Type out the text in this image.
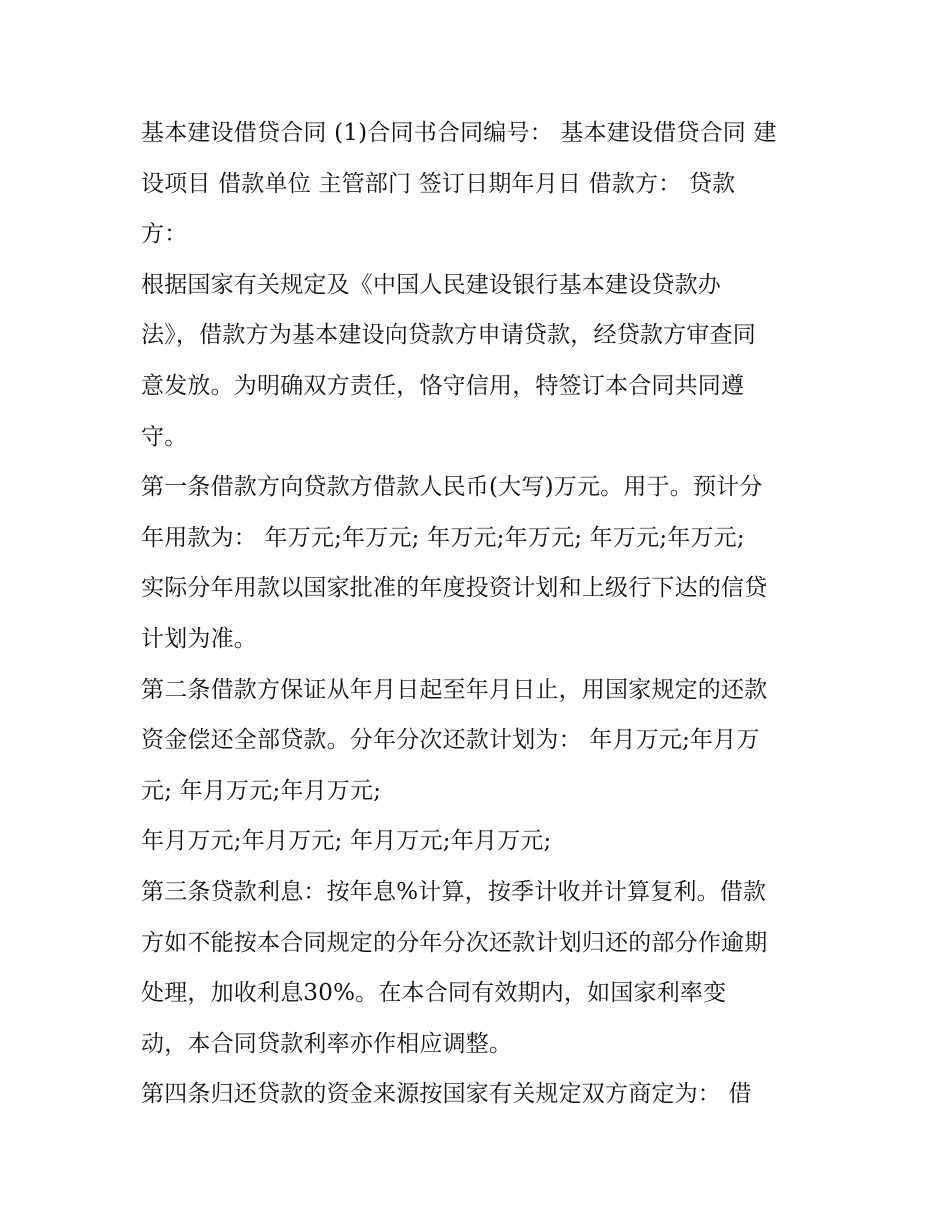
基本建设借贷合同 (1)合同书合同编号： 基本建设借贷合同 建
设项目 借款单位 主管部门 签订日期年月日 借款方： 贷款
方：
根据国家有关规定及《中国人民建设银行基本建设贷款办
法》，借款方为基本建设向贷款方申请贷款，经贷款方审查同
意发放。为明确双方责任，恪守信用，特签订本合同共同遵
守。
第一条借款方向贷款方借款人民币(大写)万元。用于。预计分
年用款为： 年万元;年万元; 年万元;年万元; 年万元;年万元;
实际分年用款以国家批准的年度投资计划和上级行下达的信贷
计划为准。
第二条借款方保证从年月日起至年月日止，用国家规定的还款
资金偿还全部贷款。分年分次还款计划为： 年月万元;年月万
元; 年月万元;年月万元;
年月万元;年月万元; 年月万元;年月万元;
第三条贷款利息：按年息%计算，按季计收并计算复利。借款
方如不能按本合同规定的分年分次还款计划归还的部分作逾期
处理，加收利息30%。在本合同有效期内，如国家利率变
动，本合同贷款利率亦作相应调整。
第四条归还贷款的资金来源按国家有关规定双方商定为： 借
